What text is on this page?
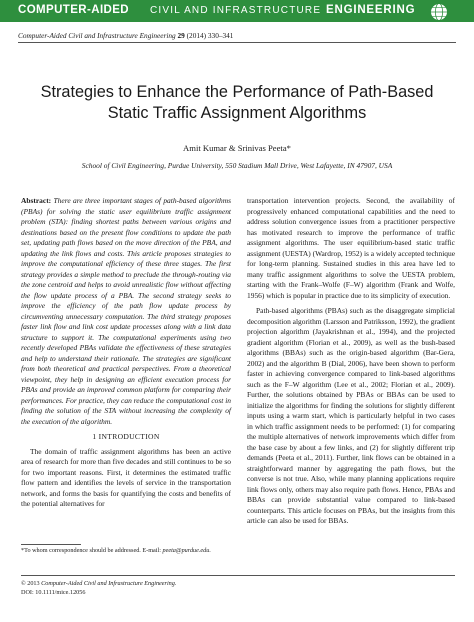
COMPUTER-AIDED CIVIL AND INFRASTRUCTURE ENGINEERING
Computer-Aided Civil and Infrastructure Engineering 29 (2014) 330–341
Strategies to Enhance the Performance of Path-Based
Static Traffic Assignment Algorithms
Amit Kumar & Srinivas Peeta*
School of Civil Engineering, Purdue University, 550 Stadium Mall Drive, West Lafayette, IN 47907, USA

Abstract: There are three important stages of path-based algorithms (PBAs) for solving the static user equilibrium traffic assignment problem (STA): finding shortest paths between various origins and destinations based on the present flow conditions to update the path set, updating path flows based on the move direction of the PBA, and updating the link flows and costs. This article proposes strategies to improve the computational efficiency of these three stages. The first strategy provides a simple method to preclude the through-routing via the zone centroid and helps to avoid unrealistic flow without affecting the flow update process of a PBA. The second strategy seeks to improve the efficiency of the path flow update process by circumventing unnecessary computation. The third strategy proposes faster link flow and link cost update processes along with a link data structure to support it. The computational experiments using two recently developed PBAs validate the effectiveness of these strategies and help to understand their rationale. The strategies are significant from both theoretical and practical perspectives. From a theoretical viewpoint, they help in designing an efficient execution process for PBAs and provide an improved common platform for comparing their performances. For practice, they can reduce the computational cost in finding the solution of the STA without increasing the complexity of the execution of the algorithm.

1 INTRODUCTION

The domain of traffic assignment algorithms has been an active area of research for more than five decades and still continues to be so for two important reasons. First, it determines the estimated traffic flow pattern and identifies the levels of service in the transportation network, and forms the basis for quantifying the costs and benefits of the potential alternatives for

*To whom correspondence should be addressed. E-mail: peeta@purdue.edu.
© 2013 Computer-Aided Civil and Infrastructure Engineering.
DOI: 10.1111/mice.12056

transportation intervention projects. Second, the availability of progressively enhanced computational capabilities and the need to address solution convergence issues from a practitioner perspective has motivated research to improve the performance of traffic assignment algorithms. The user equilibrium-based static traffic assignment (UESTA) (Wardrop, 1952) is a widely accepted technique for long-term planning. Sustained studies in this area have led to many traffic assignment algorithms to solve the UESTA problem, starting with the Frank–Wolfe (F–W) algorithm (Frank and Wolfe, 1956) which is popular in practice due to its simplicity of execution.

Path-based algorithms (PBAs) such as the disaggregate simplicial decomposition algorithm (Larsson and Patriksson, 1992), the gradient projection algorithm (Jayakrishnan et al., 1994), and the projected gradient algorithm (Florian et al., 2009), as well as the bush-based algorithms (BBAs) such as the origin-based algorithm (Bar-Gera, 2002) and the algorithm B (Dial, 2006), have been shown to perform faster in achieving convergence compared to link-based algorithms such as the F–W algorithm (Lee et al., 2002; Florian et al., 2009). Further, the solutions obtained by PBAs or BBAs can be used to initialize the algorithms for finding the solutions for slightly different inputs using a warm start, which is particularly helpful in two cases in which traffic assignment needs to be performed: (1) for comparing the multiple alternatives of network improvements which differ from the base case by about a few links, and (2) for slightly different trip demands (Peeta et al., 2011). Further, link flows can be obtained in a straightforward manner by aggregating the path flows, but the converse is not true. Also, while many planning applications require link flows only, others may also require path flows. Hence, PBAs and BBAs can provide substantial value compared to link-based counterparts. This article focuses on PBAs, but the insights from this article can also be used for BBAs.
